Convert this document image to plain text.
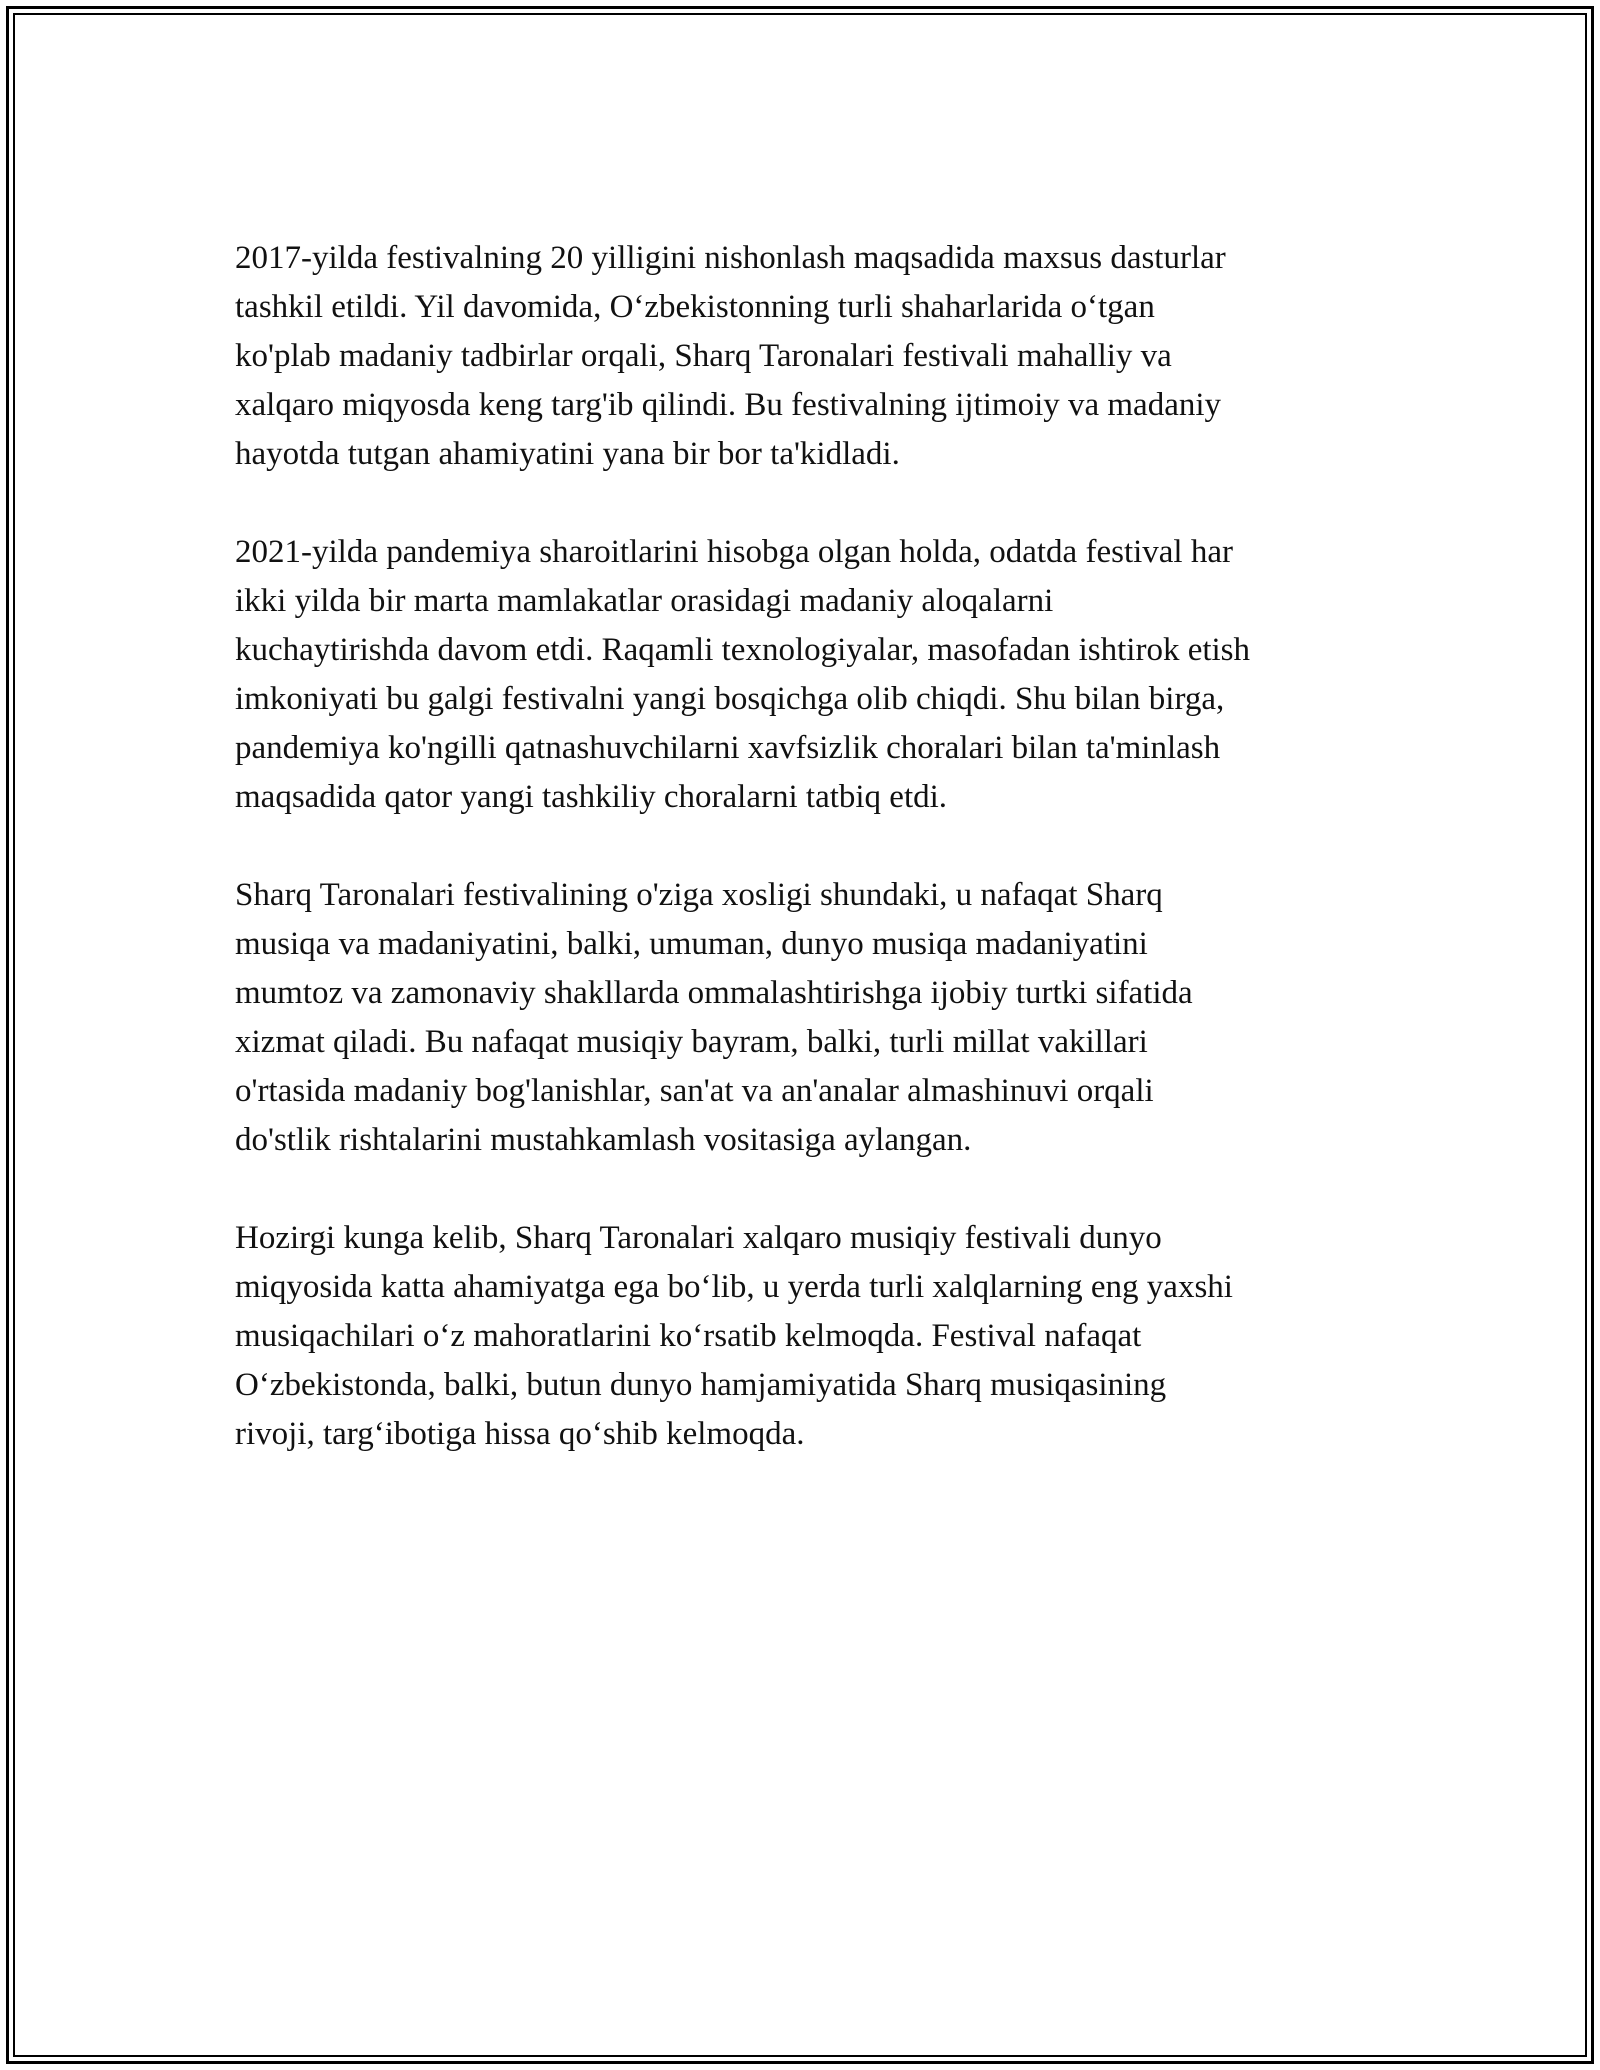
2017-yilda festivalning 20 yilligini nishonlash maqsadida maxsus dasturlar
tashkil etildi. Yil davomida, O‘zbekistonning turli shaharlarida o‘tgan
ko'plab madaniy tadbirlar orqali, Sharq Taronalari festivali mahalliy va
xalqaro miqyosda keng targ'ib qilindi. Bu festivalning ijtimoiy va madaniy
hayotda tutgan ahamiyatini yana bir bor ta'kidladi.

2021-yilda pandemiya sharoitlarini hisobga olgan holda, odatda festival har
ikki yilda bir marta mamlakatlar orasidagi madaniy aloqalarni
kuchaytirishda davom etdi. Raqamli texnologiyalar, masofadan ishtirok etish
imkoniyati bu galgi festivalni yangi bosqichga olib chiqdi. Shu bilan birga,
pandemiya ko'ngilli qatnashuvchilarni xavfsizlik choralari bilan ta'minlash
maqsadida qator yangi tashkiliy choralarni tatbiq etdi.

Sharq Taronalari festivalining o'ziga xosligi shundaki, u nafaqat Sharq
musiqa va madaniyatini, balki, umuman, dunyo musiqa madaniyatini
mumtoz va zamonaviy shakllarda ommalashtirishga ijobiy turtki sifatida
xizmat qiladi. Bu nafaqat musiqiy bayram, balki, turli millat vakillari
o'rtasida madaniy bog'lanishlar, san'at va an'analar almashinuvi orqali
do'stlik rishtalarini mustahkamlash vositasiga aylangan.

Hozirgi kunga kelib, Sharq Taronalari xalqaro musiqiy festivali dunyo
miqyosida katta ahamiyatga ega bo‘lib, u yerda turli xalqlarning eng yaxshi
musiqachilari o‘z mahoratlarini ko‘rsatib kelmoqda. Festival nafaqat
O‘zbekistonda, balki, butun dunyo hamjamiyatida Sharq musiqasining
rivoji, targ‘ibotiga hissa qo‘shib kelmoqda.
